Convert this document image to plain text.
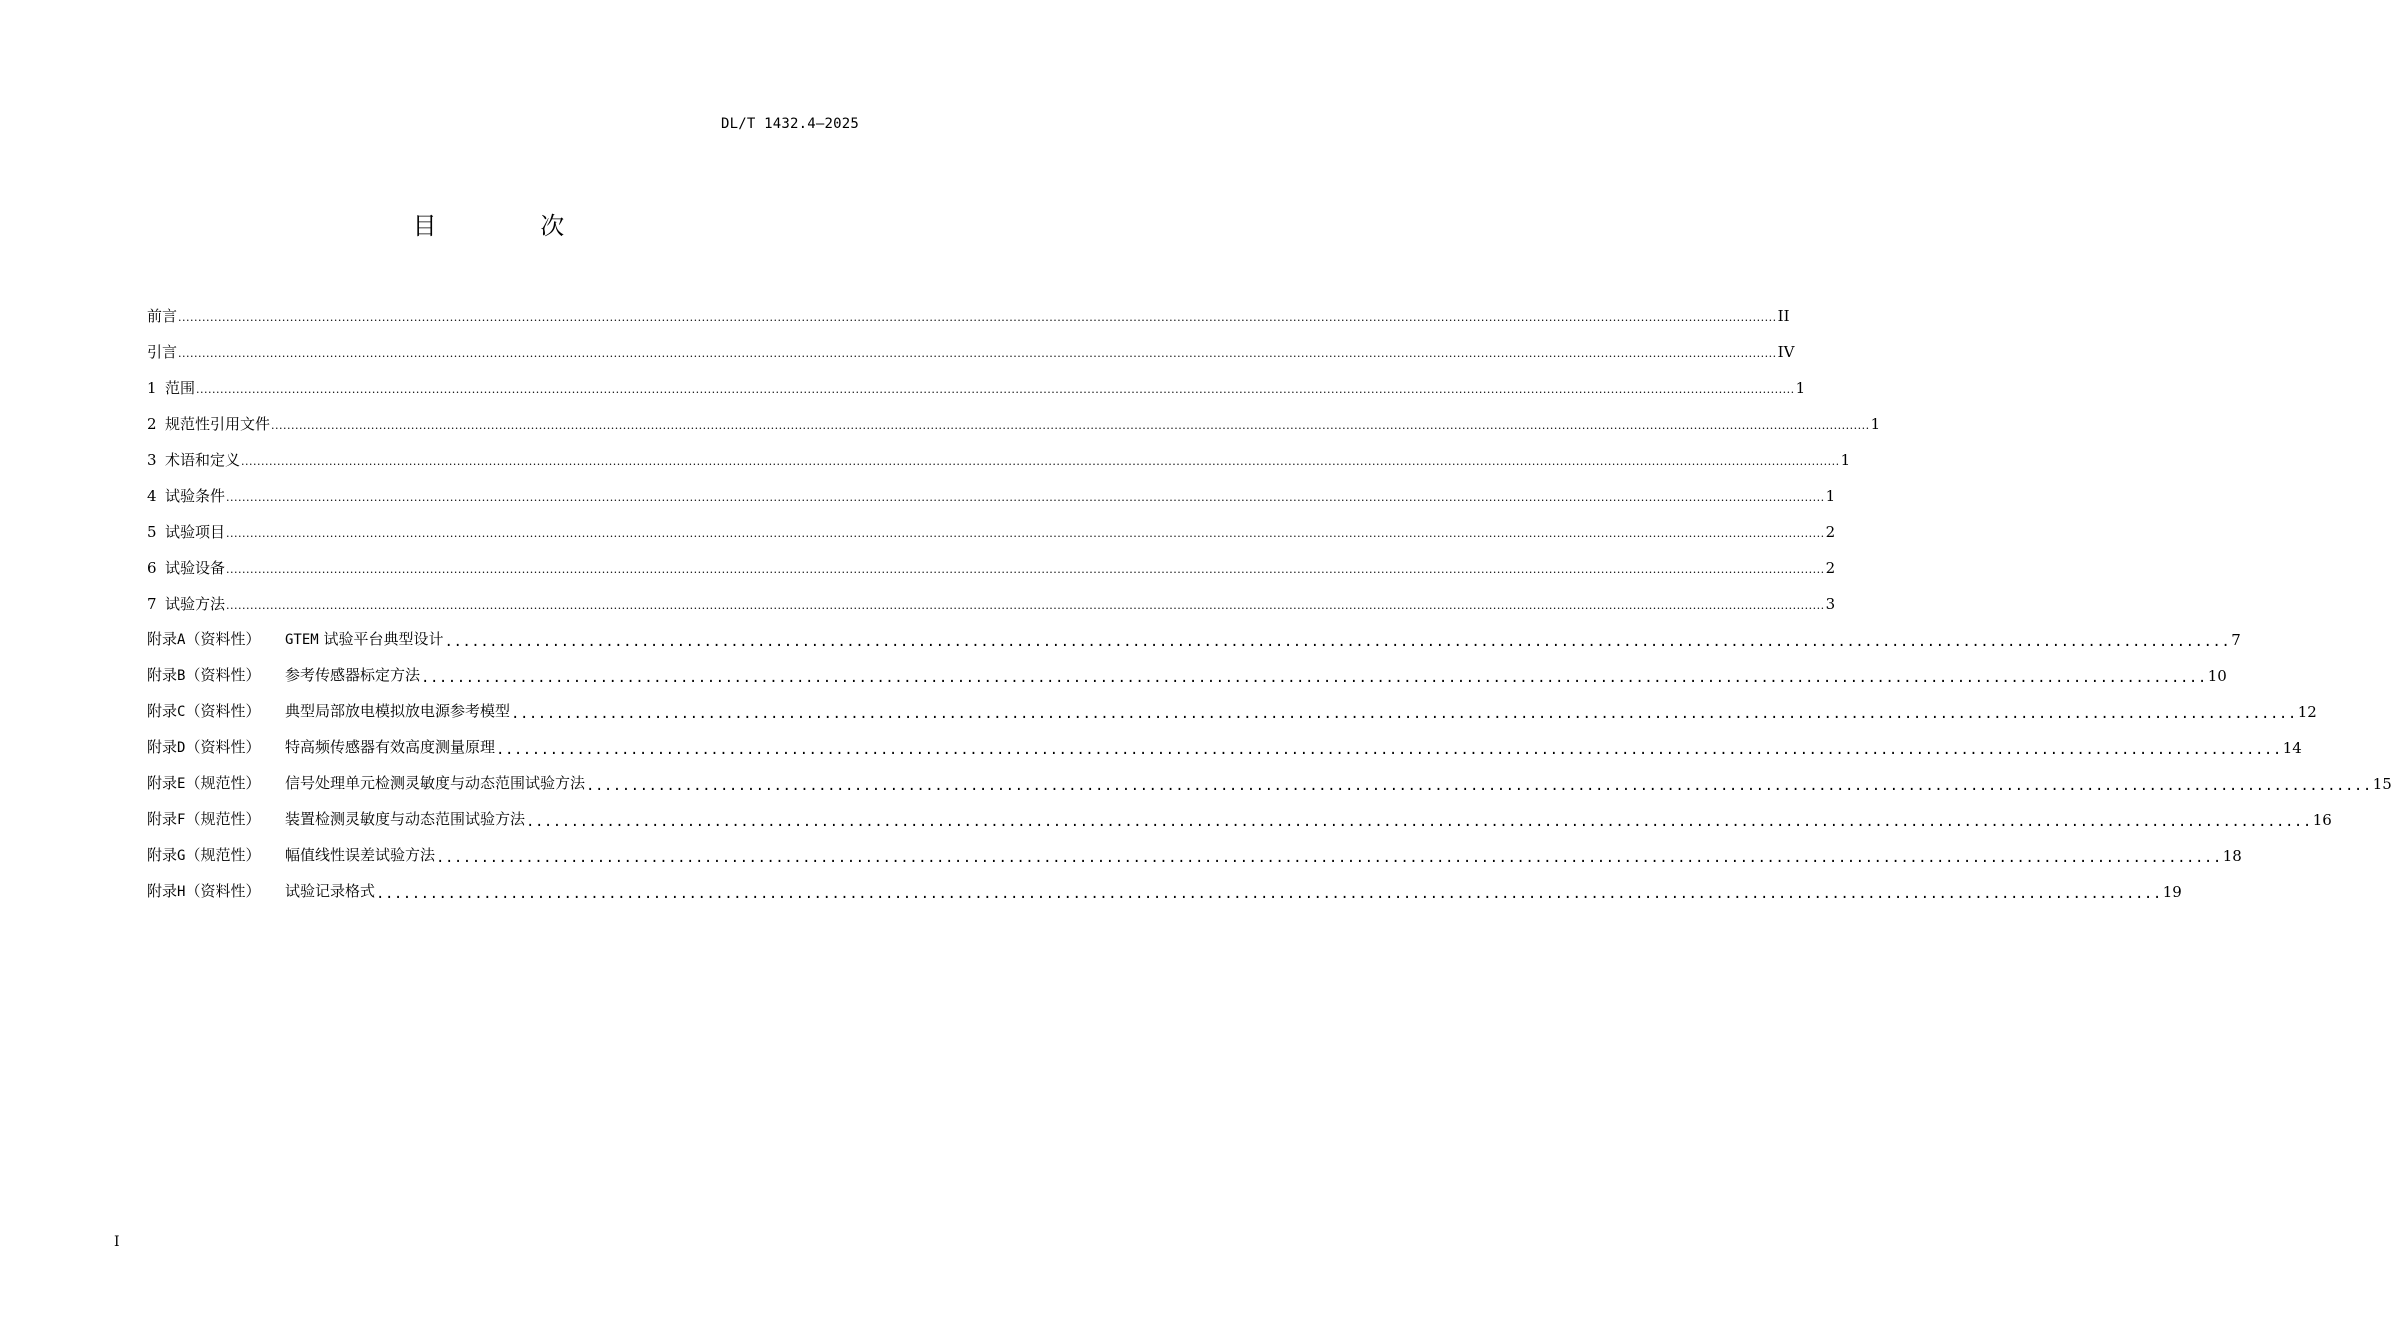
DL/T 1432.4—2025
目 次
前言 ................................................................................................................................................................................................................................................................................................................................................................................................................ II
引言 ................................................................................................................................................................................................................................................................................................................................................................................................................ IV
1 范围 ................................................................................................................................................................................................................................................................................................................................................................................................................ 1
2 规范性引用文件 ................................................................................................................................................................................................................................................................................................................................................................................................................ 1
3 术语和定义 ................................................................................................................................................................................................................................................................................................................................................................................................................ 1
4 试验条件 ................................................................................................................................................................................................................................................................................................................................................................................................................ 1
5 试验项目 ................................................................................................................................................................................................................................................................................................................................................................................................................ 2
6 试验设备 ................................................................................................................................................................................................................................................................................................................................................................................................................ 2
7 试验方法 ................................................................................................................................................................................................................................................................................................................................................................................................................ 3
附录A（资料性） GTEM 试验平台典型设计 ........................................................................................................................................................................................................ 7
附录B（资料性） 参考传感器标定方法 ........................................................................................................................................................................................................ 10
附录C（资料性） 典型局部放电模拟放电源参考模型 ........................................................................................................................................................................................................ 12
附录D（资料性） 特高频传感器有效高度测量原理 ........................................................................................................................................................................................................ 14
附录E（规范性） 信号处理单元检测灵敏度与动态范围试验方法 ........................................................................................................................................................................................................ 15
附录F（规范性） 装置检测灵敏度与动态范围试验方法 ........................................................................................................................................................................................................ 16
附录G（规范性） 幅值线性误差试验方法 ........................................................................................................................................................................................................ 18
附录H（资料性） 试验记录格式 ........................................................................................................................................................................................................ 19
I
